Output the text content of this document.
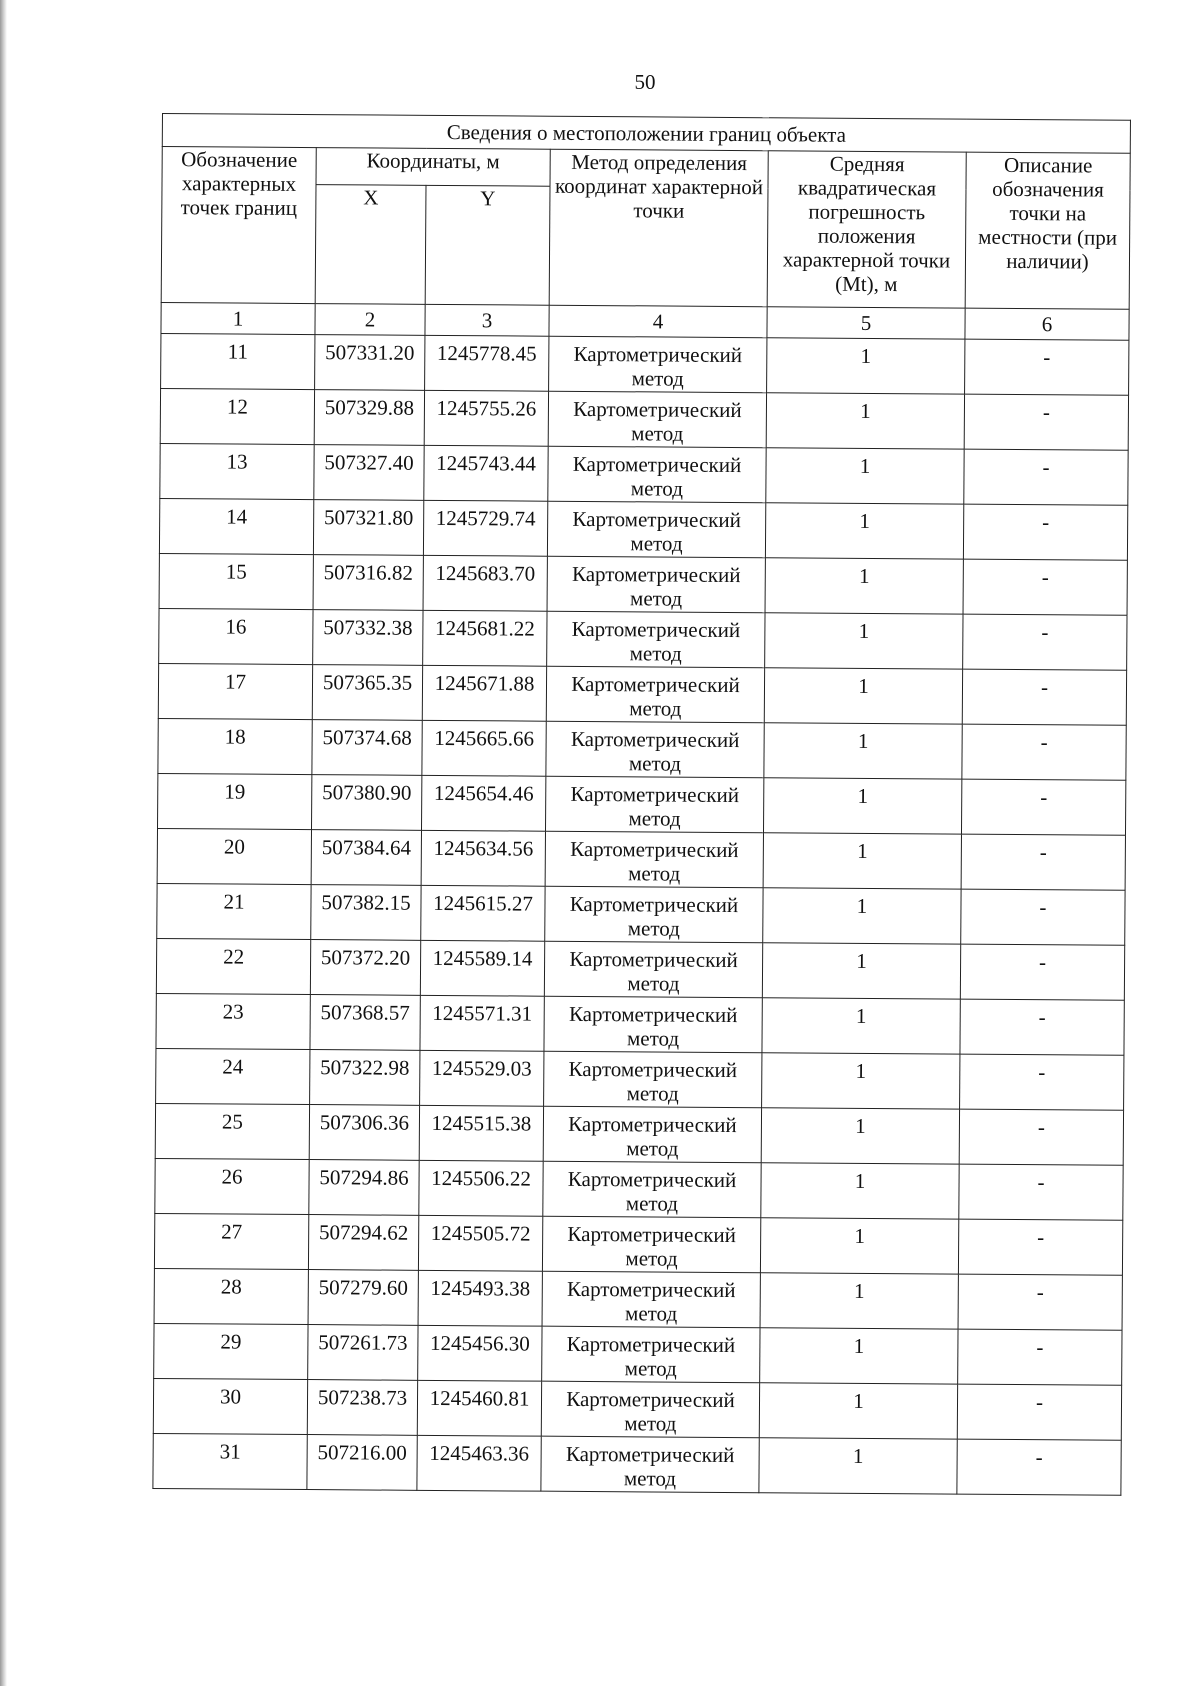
50
Сведения о местоположении границ объекта					
Обозначение характерных точек границ	Координаты, м		Метод определения координат характерной точки	Средняя квадратическая погрешность положения характерной точки (Mt), м	Описание обозначения точки на местности (при наличии)
	X	Y			
1	2	3	4	5	6
11	507331.20	1245778.45	Картометрический метод	1	-
12	507329.88	1245755.26	Картометрический метод	1	-
13	507327.40	1245743.44	Картометрический метод	1	-
14	507321.80	1245729.74	Картометрический метод	1	-
15	507316.82	1245683.70	Картометрический метод	1	-
16	507332.38	1245681.22	Картометрический метод	1	-
17	507365.35	1245671.88	Картометрический метод	1	-
18	507374.68	1245665.66	Картометрический метод	1	-
19	507380.90	1245654.46	Картометрический метод	1	-
20	507384.64	1245634.56	Картометрический метод	1	-
21	507382.15	1245615.27	Картометрический метод	1	-
22	507372.20	1245589.14	Картометрический метод	1	-
23	507368.57	1245571.31	Картометрический метод	1	-
24	507322.98	1245529.03	Картометрический метод	1	-
25	507306.36	1245515.38	Картометрический метод	1	-
26	507294.86	1245506.22	Картометрический метод	1	-
27	507294.62	1245505.72	Картометрический метод	1	-
28	507279.60	1245493.38	Картометрический метод	1	-
29	507261.73	1245456.30	Картометрический метод	1	-
30	507238.73	1245460.81	Картометрический метод	1	-
31	507216.00	1245463.36	Картометрический метод	1	-
